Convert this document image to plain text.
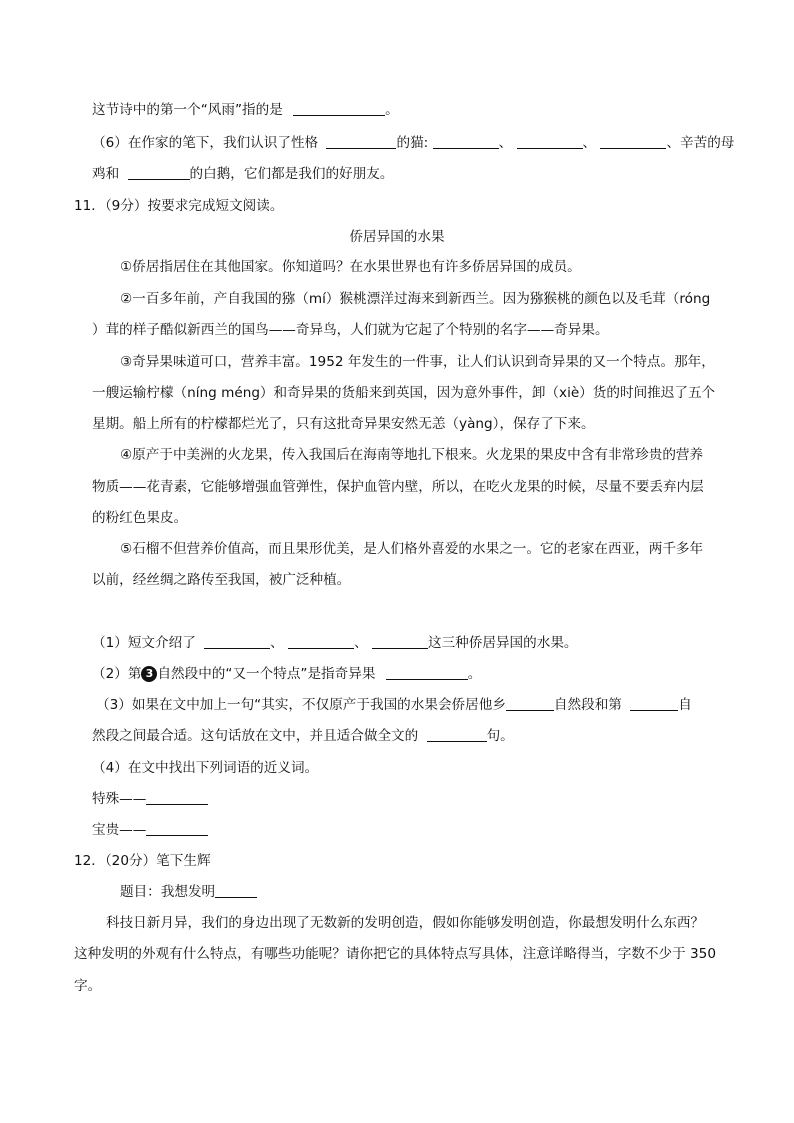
这节诗中的第一个“风雨”指的是	。
（6）在作家的笔下，我们认识了性格	的猫:	、	、	、辛苦的母
鸡和	的白鹅，它们都是我们的好朋友。
11．（9分）按要求完成短文阅读。
侨居异国的水果
①侨居指居住在其他国家。你知道吗？在水果世界也有许多侨居异国的成员。
②一百多年前，产自我国的猕（mí）猴桃漂洋过海来到新西兰。因为猕猴桃的颜色以及毛茸（róng
）茸的样子酷似新西兰的国鸟——奇异鸟，人们就为它起了个特别的名字——奇异果。
③奇异果味道可口，营养丰富。1952 年发生的一件事，让人们认识到奇异果的又一个特点。那年，
一艘运输柠檬（níng méng）和奇异果的货船来到英国，因为意外事件，卸（xiè）货的时间推迟了五个
星期。船上所有的柠檬都烂光了，只有这批奇异果安然无恙（yàng），保存了下来。
④原产于中美洲的火龙果，传入我国后在海南等地扎下根来。火龙果的果皮中含有非常珍贵的营养
物质——花青素，它能够增强血管弹性，保护血管内壁，所以，在吃火龙果的时候，尽量不要丢弃内层
的粉红色果皮。
⑤石榴不但营养价值高，而且果形优美，是人们格外喜爱的水果之一。它的老家在西亚，两千多年
以前，经丝绸之路传至我国，被广泛种植。
（1）短文介绍了	、	、	这三种侨居异国的水果。
（2）第 3 自然段中的“又一个特点”是指奇异果	。
（3）如果在文中加上一句“其实，不仅原产于我国的水果会侨居他乡	自然段和第	自
然段之间最合适。这句话放在文中，并且适合做全文的	句。
（4）在文中找出下列词语的近义词。
特殊——
宝贵——
12．（20分）笔下生辉
题目：我想发明
科技日新月异，我们的身边出现了无数新的发明创造，假如你能够发明创造，你最想发明什么东西？
这种发明的外观有什么特点，有哪些功能呢？请你把它的具体特点写具体，注意详略得当，字数不少于 350
字。
